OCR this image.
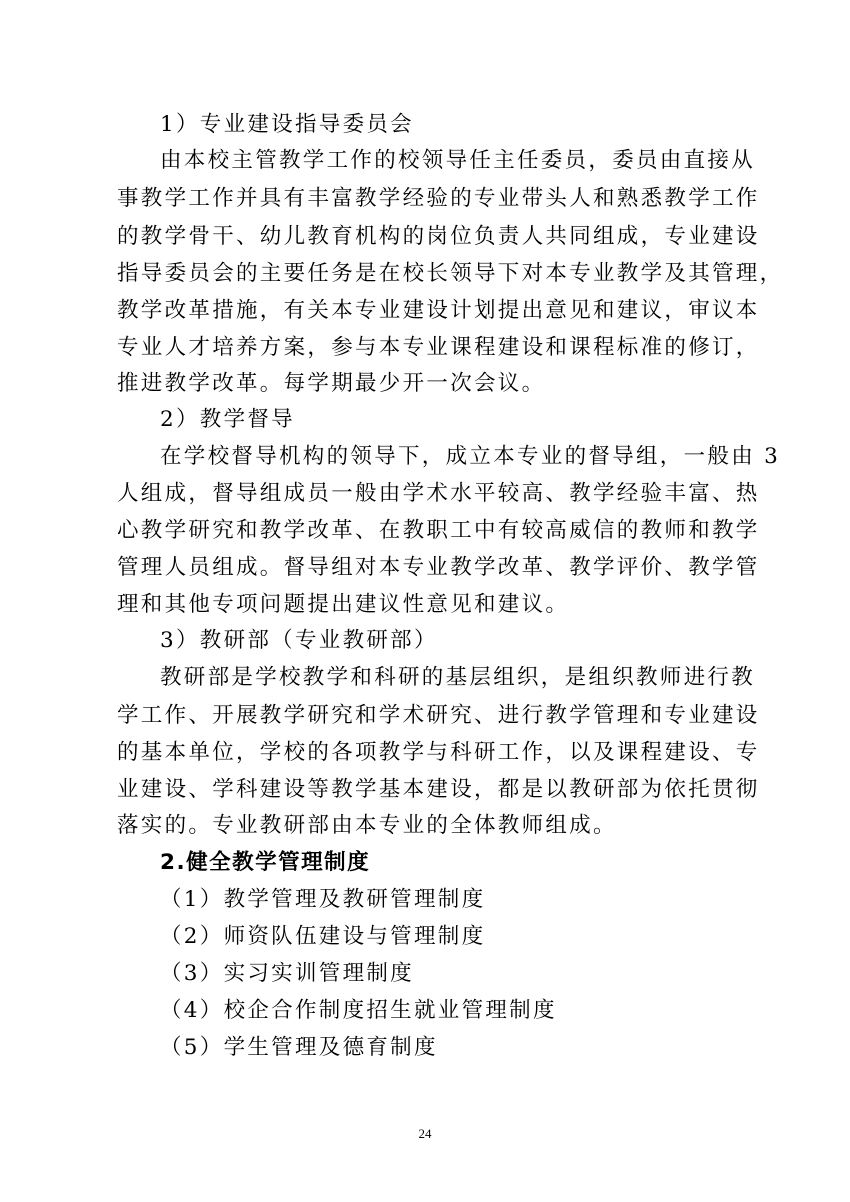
1）专业建设指导委员会
由本校主管教学工作的校领导任主任委员，委员由直接从
事教学工作并具有丰富教学经验的专业带头人和熟悉教学工作
的教学骨干、幼儿教育机构的岗位负责人共同组成，专业建设
指导委员会的主要任务是在校长领导下对本专业教学及其管理，
教学改革措施，有关本专业建设计划提出意见和建议，审议本
专业人才培养方案，参与本专业课程建设和课程标准的修订，
推进教学改革。每学期最少开一次会议。
2）教学督导
在学校督导机构的领导下，成立本专业的督导组，一般由 3
人组成，督导组成员一般由学术水平较高、教学经验丰富、热
心教学研究和教学改革、在教职工中有较高威信的教师和教学
管理人员组成。督导组对本专业教学改革、教学评价、教学管
理和其他专项问题提出建议性意见和建议。
3）教研部（专业教研部）
教研部是学校教学和科研的基层组织，是组织教师进行教
学工作、开展教学研究和学术研究、进行教学管理和专业建设
的基本单位，学校的各项教学与科研工作，以及课程建设、专
业建设、学科建设等教学基本建设，都是以教研部为依托贯彻
落实的。专业教研部由本专业的全体教师组成。
2.健全教学管理制度
（1）教学管理及教研管理制度
（2）师资队伍建设与管理制度
（3）实习实训管理制度
（4）校企合作制度招生就业管理制度
（5）学生管理及德育制度
24
